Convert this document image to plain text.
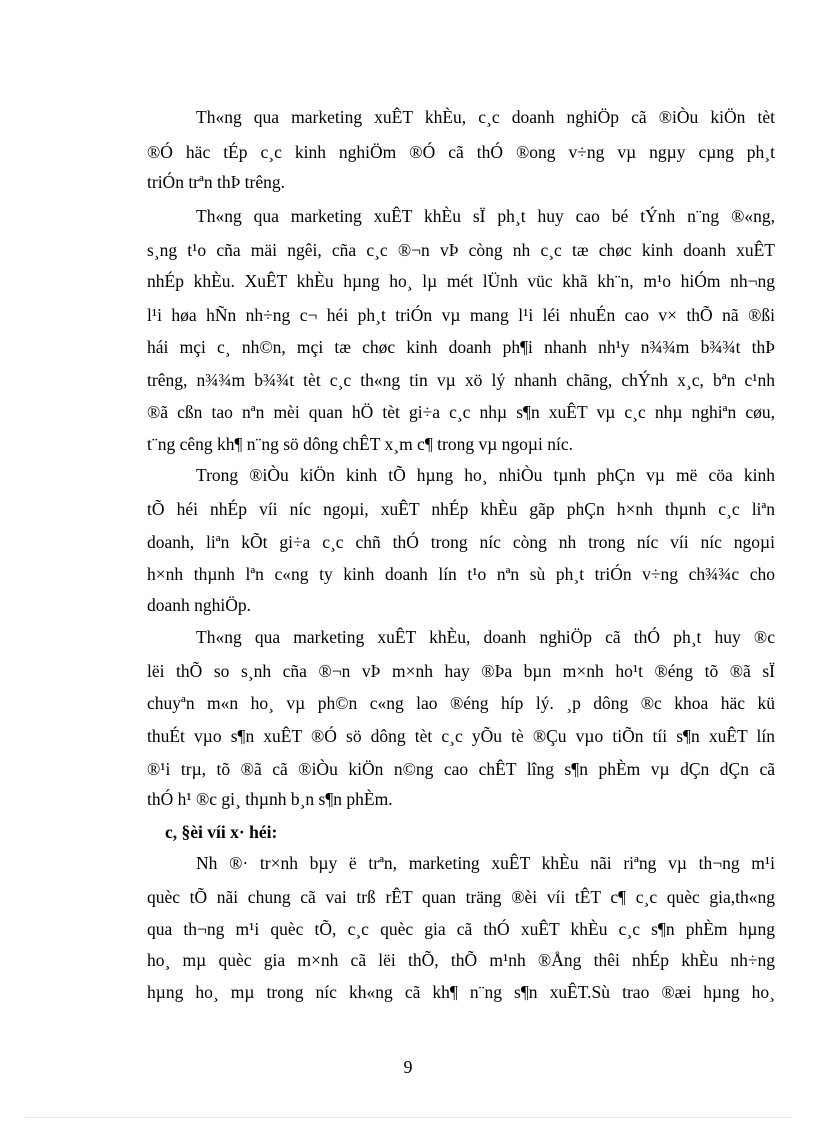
Th«ng qua marketing xuÊT khÈu, c¸c doanh nghiÖp cã ®iÒu kiÖn tèt
®Ó häc tÉp c¸c kinh nghiÖm ®Ó cã thÓ ®ong v÷ng vµ ngµy cµng ph¸t
triÓn trªn thÞ trêng.
Th«ng qua marketing xuÊT khÈu sÏ ph¸t huy cao bé tÝnh n¨ng ®«ng,
s¸ng t¹o cña mäi ngêi, cña c¸c ®¬n vÞ còng nh c¸c tæ chøc kinh doanh xuÊT
nhÉp khÈu. XuÊT khÈu hµng ho¸ lµ mét lÜnh vüc khã kh¨n, m¹o hiÓm nh¬ng
l¹i høa hÑn nh÷ng c¬ héi ph¸t triÓn vµ mang l¹i léi nhuÉn cao v× thÕ nã ®ßi
hái mçi c¸ nh©n, mçi tæ chøc kinh doanh ph¶i nhanh nh¹y n¾¾m b¾¾t thÞ
trêng, n¾¾m b¾¾t tèt c¸c th«ng tin vµ xö lý nhanh chãng, chÝnh x¸c, bªn c¹nh
®ã cßn tao nªn mèi quan hÖ tèt gi÷a c¸c nhµ s¶n xuÊT vµ c¸c nhµ nghiªn cøu,
t¨ng cêng kh¶ n¨ng sö dông chÊT x¸m c¶ trong vµ ngoµi níc.
Trong ®iÒu kiÖn kinh tÕ hµng ho¸ nhiÒu tµnh phÇn vµ më cöa kinh
tÕ héi nhÉp víi níc ngoµi, xuÊT nhÉp khÈu gãp phÇn h×nh thµnh c¸c liªn
doanh, liªn kÕt gi÷a c¸c chñ thÓ trong níc còng nh trong níc víi níc ngoµi
h×nh thµnh lªn c«ng ty kinh doanh lín t¹o nªn sù ph¸t triÓn v÷ng ch¾¾c cho
doanh nghiÖp.
Th«ng qua marketing xuÊT khÈu, doanh nghiÖp cã thÓ ph¸t huy ®c
lëi thÕ so s¸nh cña ®¬n vÞ m×nh hay ®Þa bµn m×nh ho¹t ®éng tõ ®ã sÏ
chuyªn m«n ho¸ vµ ph©n c«ng lao ®éng híp lý. ¸p dông ®c khoa häc kü
thuÉt vµo s¶n xuÊT ®Ó sö dông tèt c¸c yÕu tè ®Çu vµo tiÕn tíi s¶n xuÊT lín
®¹i trµ, tõ ®ã cã ®iÒu kiÖn n©ng cao chÊT lîng s¶n phÈm vµ dÇn dÇn cã
thÓ h¹ ®c gi¸ thµnh b¸n s¶n phÈm.
c, §èi víi x· héi:
Nh ®· tr×nh bµy ë trªn, marketing xuÊT khÈu nãi riªng vµ th¬ng m¹i
quèc tÕ nãi chung cã vai trß rÊT quan träng ®èi víi tÊT c¶ c¸c quèc gia,th«ng
qua th¬ng m¹i quèc tÕ, c¸c quèc gia cã thÓ xuÊT khÈu c¸c s¶n phÈm hµng
ho¸ mµ quèc gia m×nh cã lëi thÕ, thÕ m¹nh ®Ång thêi nhÉp khÈu nh÷ng
hµng ho¸ mµ trong níc kh«ng cã kh¶ n¨ng s¶n xuÊT.Sù trao ®æi hµng ho¸
9
